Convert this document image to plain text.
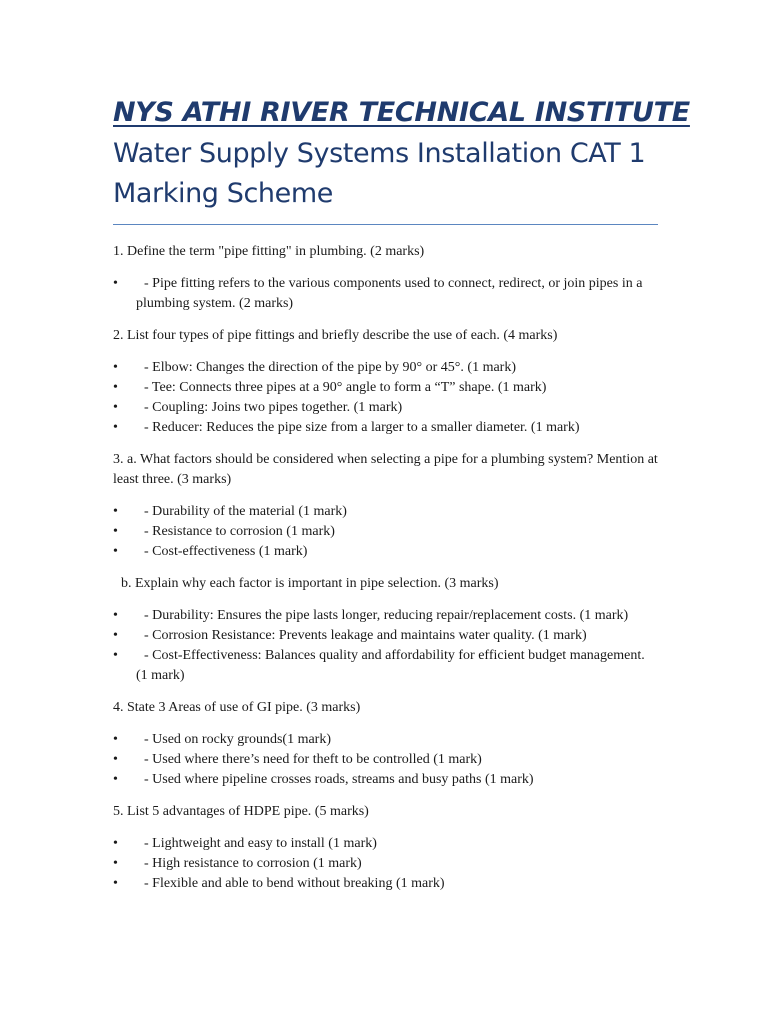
NYS ATHI RIVER TECHNICAL INSTITUTE
Water Supply Systems Installation CAT 1 Marking Scheme

1. Define the term "pipe fitting" in plumbing. (2 marks)

•	- Pipe fitting refers to the various components used to connect, redirect, or join pipes in a plumbing system. (2 marks)

2. List four types of pipe fittings and briefly describe the use of each. (4 marks)

•	- Elbow: Changes the direction of the pipe by 90° or 45°. (1 mark)
•	- Tee: Connects three pipes at a 90° angle to form a “T” shape. (1 mark)
•	- Coupling: Joins two pipes together. (1 mark)
•	- Reducer: Reduces the pipe size from a larger to a smaller diameter. (1 mark)

3. a. What factors should be considered when selecting a pipe for a plumbing system? Mention at least three. (3 marks)

•	- Durability of the material (1 mark)
•	- Resistance to corrosion (1 mark)
•	- Cost-effectiveness (1 mark)

b. Explain why each factor is important in pipe selection. (3 marks)

•	- Durability: Ensures the pipe lasts longer, reducing repair/replacement costs. (1 mark)
•	- Corrosion Resistance: Prevents leakage and maintains water quality. (1 mark)
•	- Cost-Effectiveness: Balances quality and affordability for efficient budget management. (1 mark)

4. State 3 Areas of use of GI pipe. (3 marks)

•	- Used on rocky grounds(1 mark)
•	- Used where there’s need for theft to be controlled (1 mark)
•	- Used where pipeline crosses roads, streams and busy paths (1 mark)

5. List 5 advantages of HDPE pipe. (5 marks)

•	- Lightweight and easy to install (1 mark)
•	- High resistance to corrosion (1 mark)
•	- Flexible and able to bend without breaking (1 mark)
